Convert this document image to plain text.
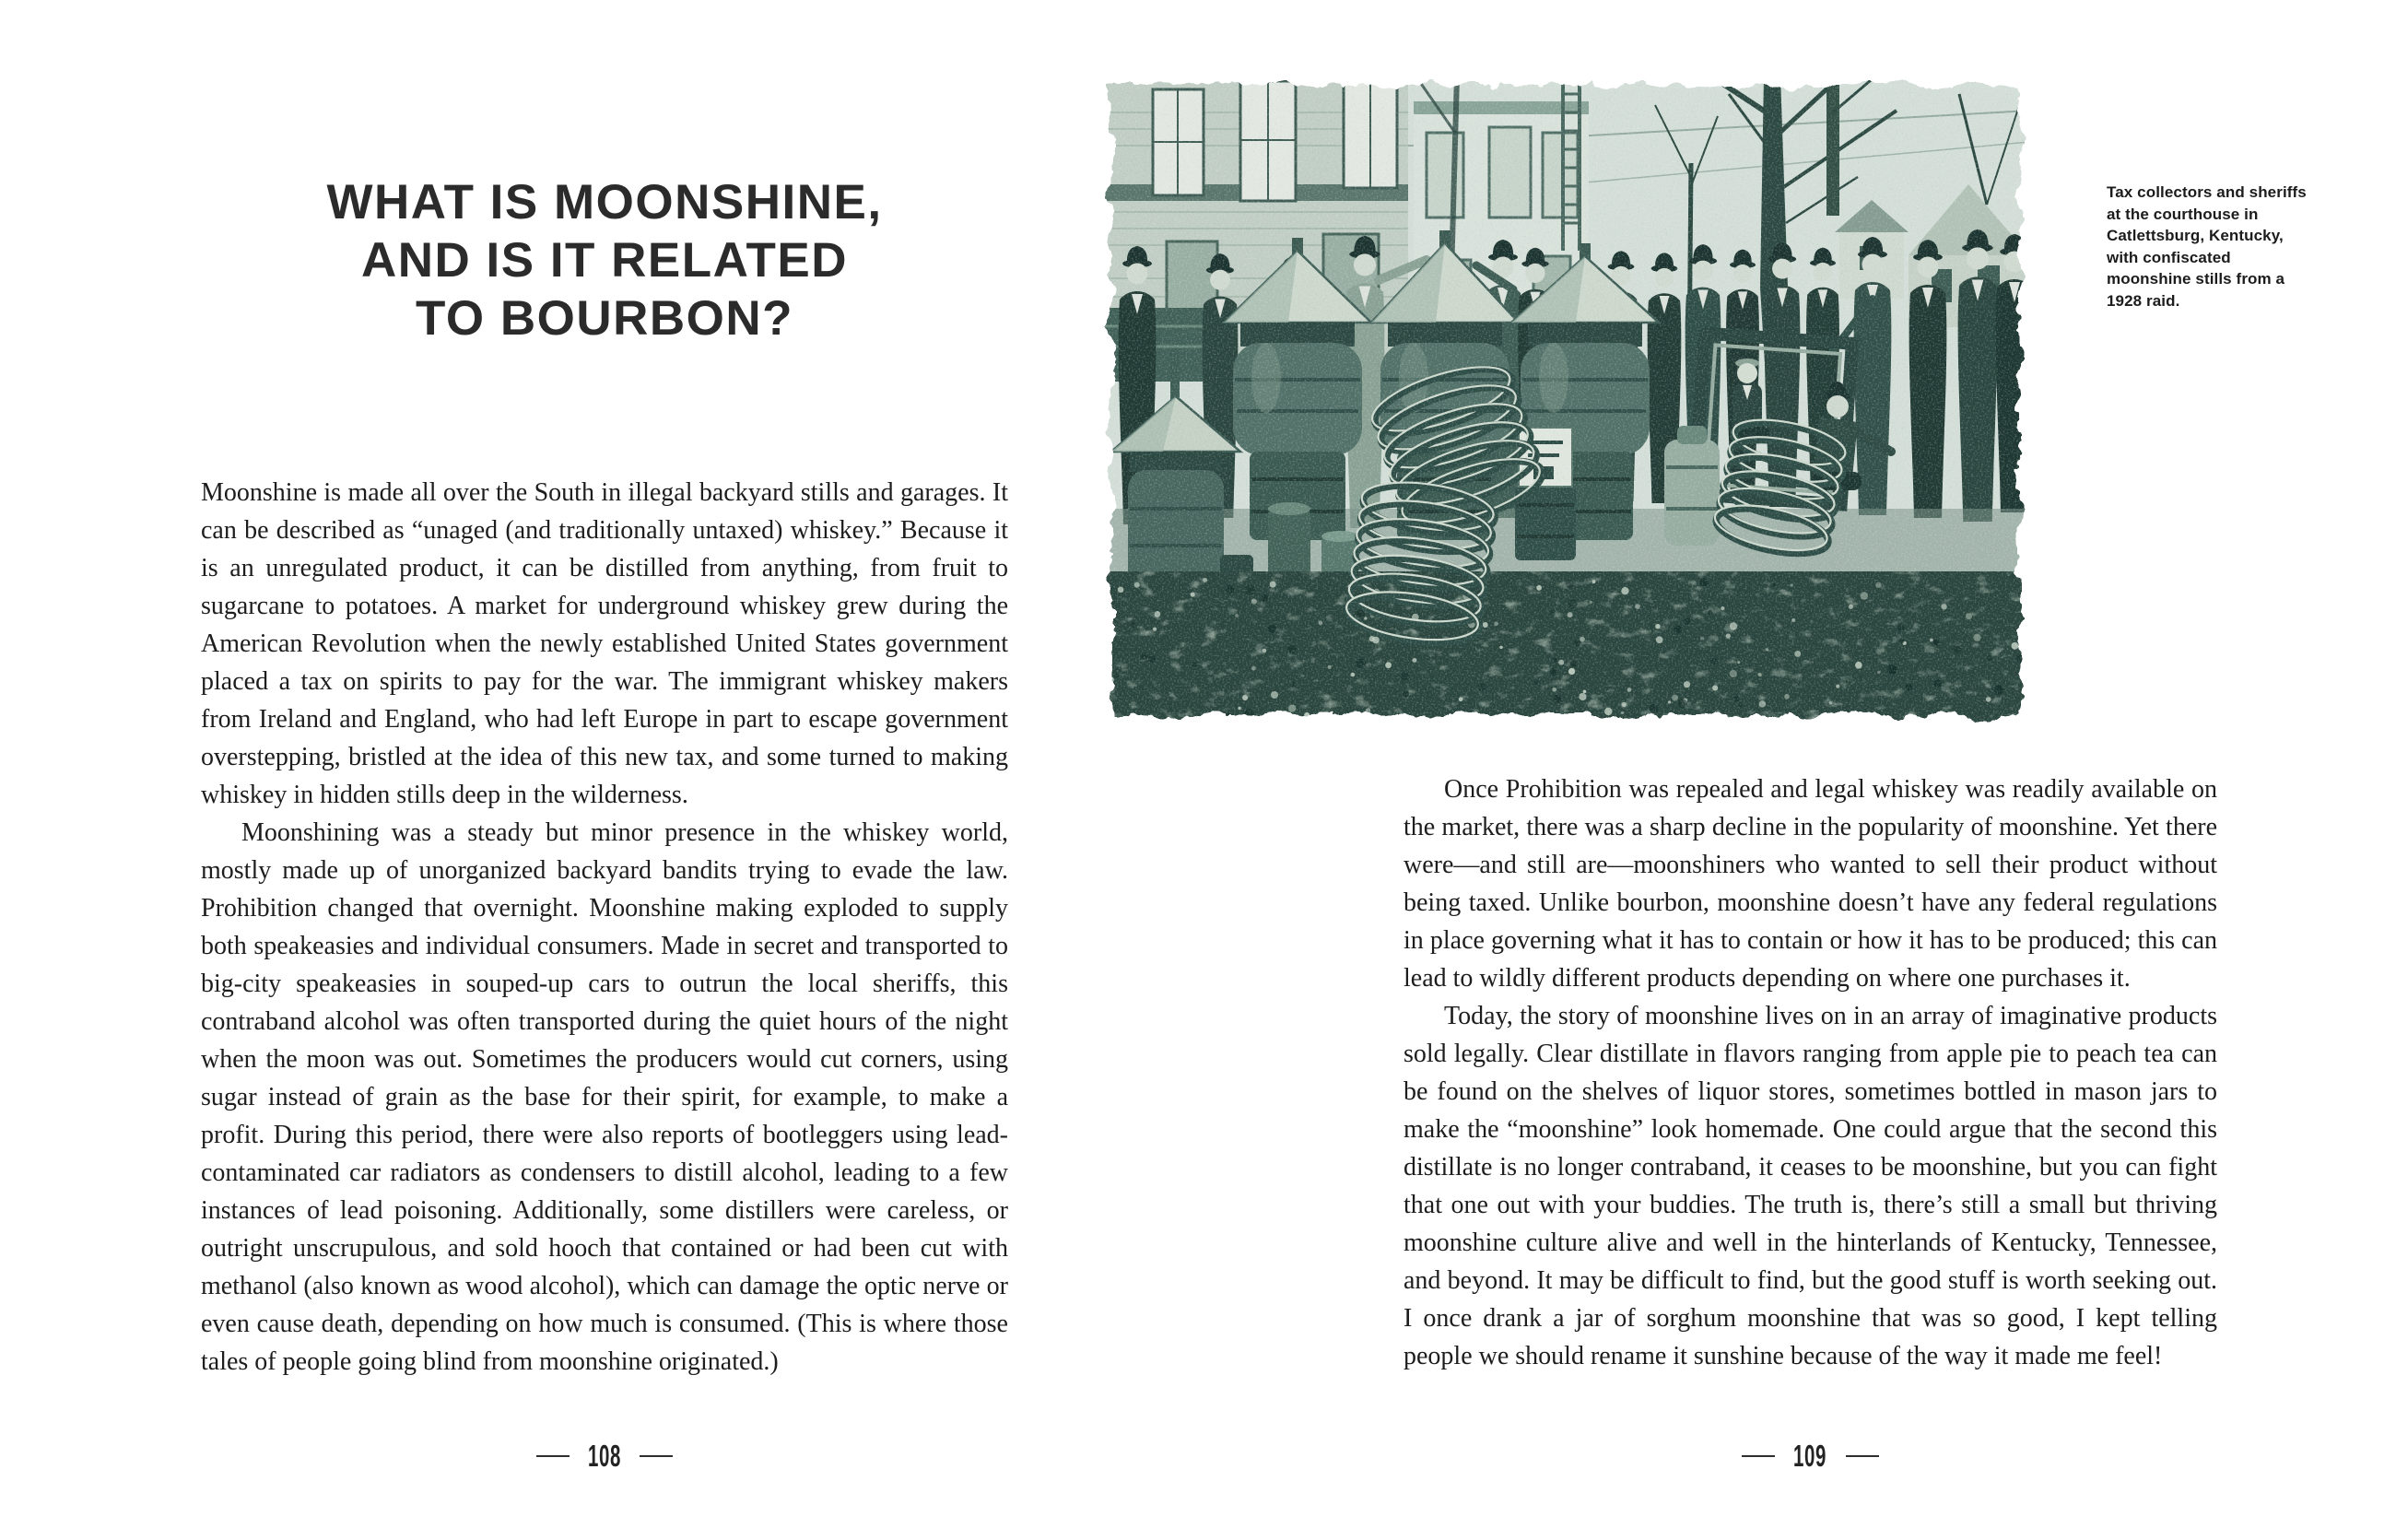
WHAT IS MOONSHINE,
AND IS IT RELATED
TO BOURBON?

Moonshine is made all over the South in illegal backyard stills and garages. It can be described as “unaged (and traditionally untaxed) whiskey.” Because it is an unregulated product, it can be distilled from anything, from fruit to sugarcane to potatoes. A market for underground whiskey grew during the American Revolution when the newly established United States government placed a tax on spirits to pay for the war. The immigrant whiskey makers from Ireland and England, who had left Europe in part to escape government overstepping, bristled at the idea of this new tax, and some turned to making whiskey in hidden stills deep in the wilderness.

Moonshining was a steady but minor presence in the whiskey world, mostly made up of unorganized backyard bandits trying to evade the law. Prohibition changed that overnight. Moonshine making exploded to supply both speakeasies and individual consumers. Made in secret and transported to big-city speakeasies in souped-up cars to outrun the local sheriffs, this contraband alcohol was often transported during the quiet hours of the night when the moon was out. Sometimes the producers would cut corners, using sugar instead of grain as the base for their spirit, for example, to make a profit. During this period, there were also reports of bootleggers using lead-contaminated car radiators as condensers to distill alcohol, leading to a few instances of lead poisoning. Additionally, some distillers were careless, or outright unscrupulous, and sold hooch that contained or had been cut with methanol (also known as wood alcohol), which can damage the optic nerve or even cause death, depending on how much is consumed. (This is where those tales of people going blind from moonshine originated.)

108
Tax collectors and sheriffs at the courthouse in Catlettsburg, Kentucky, with confiscated moonshine stills from a 1928 raid.

Once Prohibition was repealed and legal whiskey was readily available on the market, there was a sharp decline in the popularity of moonshine. Yet there were—and still are—moonshiners who wanted to sell their product without being taxed. Unlike bourbon, moonshine doesn’t have any federal regulations in place governing what it has to contain or how it has to be produced; this can lead to wildly different products depending on where one purchases it.

Today, the story of moonshine lives on in an array of imaginative products sold legally. Clear distillate in flavors ranging from apple pie to peach tea can be found on the shelves of liquor stores, sometimes bottled in mason jars to make the “moonshine” look homemade. One could argue that the second this distillate is no longer contraband, it ceases to be moonshine, but you can fight that one out with your buddies. The truth is, there’s still a small but thriving moonshine culture alive and well in the hinterlands of Kentucky, Tennessee, and beyond. It may be difficult to find, but the good stuff is worth seeking out. I once drank a jar of sorghum moonshine that was so good, I kept telling people we should rename it sunshine because of the way it made me feel!

109
